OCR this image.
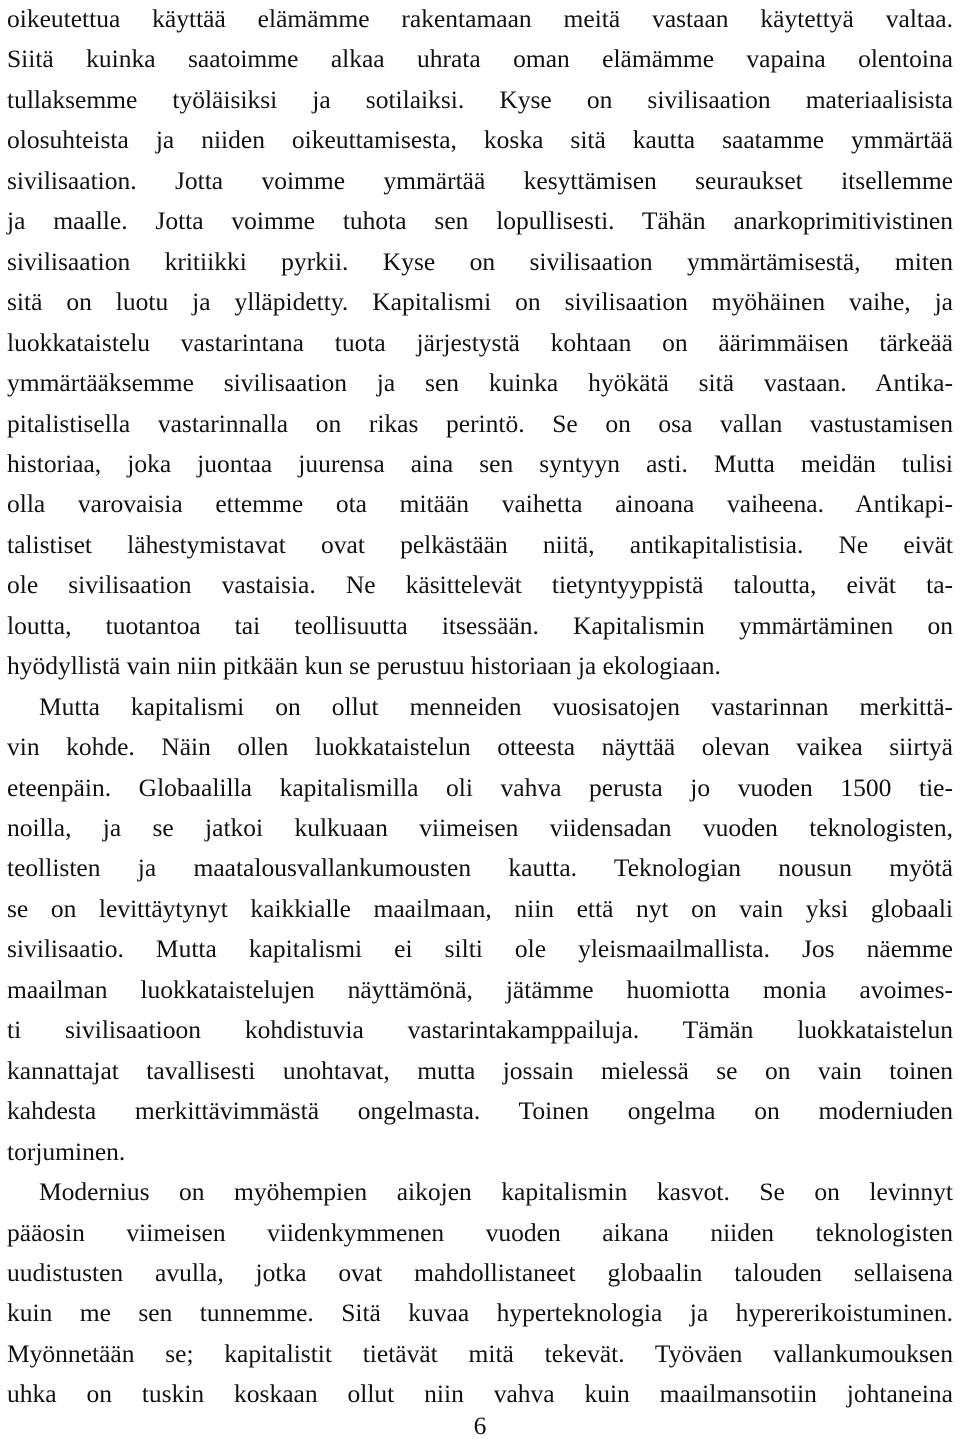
oikeutettua käyttää elämämme rakentamaan meitä vastaan käytettyä valtaa.
Siitä kuinka saatoimme alkaa uhrata oman elämämme vapaina olentoina
tullaksemme työläisiksi ja sotilaiksi. Kyse on sivilisaation materiaalisista
olosuhteista ja niiden oikeuttamisesta, koska sitä kautta saatamme ymmärtää
sivilisaation. Jotta voimme ymmärtää kesyttämisen seuraukset itsellemme
ja maalle. Jotta voimme tuhota sen lopullisesti. Tähän anarkoprimitivistinen
sivilisaation kritiikki pyrkii. Kyse on sivilisaation ymmärtämisestä, miten
sitä on luotu ja ylläpidetty. Kapitalismi on sivilisaation myöhäinen vaihe, ja
luokkataistelu vastarintana tuota järjestystä kohtaan on äärimmäisen tärkeää
ymmärtääksemme sivilisaation ja sen kuinka hyökätä sitä vastaan. Antika-
pitalistisella vastarinnalla on rikas perintö. Se on osa vallan vastustamisen
historiaa, joka juontaa juurensa aina sen syntyyn asti. Mutta meidän tulisi
olla varovaisia ettemme ota mitään vaihetta ainoana vaiheena. Antikapi-
talistiset lähestymistavat ovat pelkästään niitä, antikapitalistisia. Ne eivät
ole sivilisaation vastaisia. Ne käsittelevät tietyntyyppistä taloutta, eivät ta-
loutta, tuotantoa tai teollisuutta itsessään. Kapitalismin ymmärtäminen on
hyödyllistä vain niin pitkään kun se perustuu historiaan ja ekologiaan.
Mutta kapitalismi on ollut menneiden vuosisatojen vastarinnan merkittä-
vin kohde. Näin ollen luokkataistelun otteesta näyttää olevan vaikea siirtyä
eteenpäin. Globaalilla kapitalismilla oli vahva perusta jo vuoden 1500 tie-
noilla, ja se jatkoi kulkuaan viimeisen viidensadan vuoden teknologisten,
teollisten ja maatalousvallankumousten kautta. Teknologian nousun myötä
se on levittäytynyt kaikkialle maailmaan, niin että nyt on vain yksi globaali
sivilisaatio. Mutta kapitalismi ei silti ole yleismaailmallista. Jos näemme
maailman luokkataistelujen näyttämönä, jätämme huomiotta monia avoimes-
ti sivilisaatioon kohdistuvia vastarintakamppailuja. Tämän luokkataistelun
kannattajat tavallisesti unohtavat, mutta jossain mielessä se on vain toinen
kahdesta merkittävimmästä ongelmasta. Toinen ongelma on moderniuden
torjuminen.
Modernius on myöhempien aikojen kapitalismin kasvot. Se on levinnyt
pääosin viimeisen viidenkymmenen vuoden aikana niiden teknologisten
uudistusten avulla, jotka ovat mahdollistaneet globaalin talouden sellaisena
kuin me sen tunnemme. Sitä kuvaa hyperteknologia ja hypererikoistuminen.
Myönnetään se; kapitalistit tietävät mitä tekevät. Työväen vallankumouksen
uhka on tuskin koskaan ollut niin vahva kuin maailmansotiin johtaneina
6
